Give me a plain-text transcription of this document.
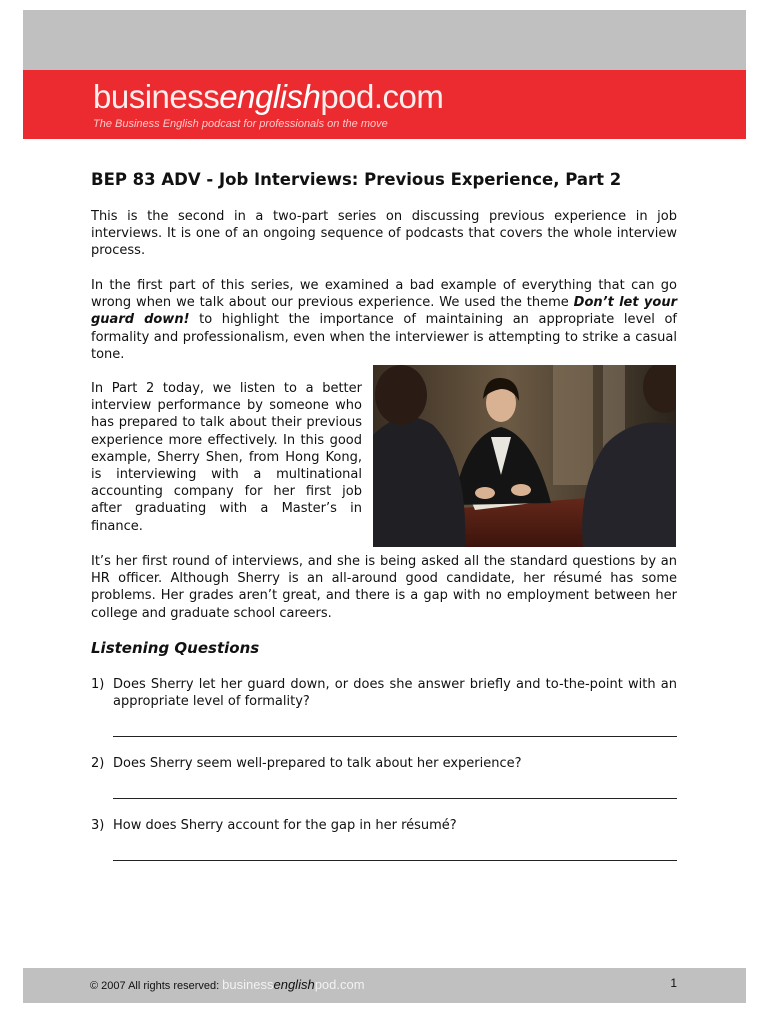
businessenglishpod.com
The Business English podcast for professionals on the move
BEP 83 ADV - Job Interviews: Previous Experience, Part 2

This is the second in a two-part series on discussing previous experience in job interviews. It is one of an ongoing sequence of podcasts that covers the whole interview process.

In the first part of this series, we examined a bad example of everything that can go wrong when we talk about our previous experience. We used the theme Don’t let your guard down! to highlight the importance of maintaining an appropriate level of formality and professionalism, even when the interviewer is attempting to strike a casual tone.

In Part 2 today, we listen to a better interview performance by someone who has prepared to talk about their previous experience more effectively. In this good example, Sherry Shen, from Hong Kong, is interviewing with a multinational accounting company for her first job after graduating with a Master’s in finance.

It’s her first round of interviews, and she is being asked all the standard questions by an HR officer. Although Sherry is an all-around good candidate, her résumé has some problems. Her grades aren’t great, and there is a gap with no employment between her college and graduate school careers.

Listening Questions
1) Does Sherry let her guard down, or does she answer briefly and to-the-point with an appropriate level of formality?
2) Does Sherry seem well-prepared to talk about her experience?
3) How does Sherry account for the gap in her résumé?
© 2007 All rights reserved: businessenglishpod.com	1
